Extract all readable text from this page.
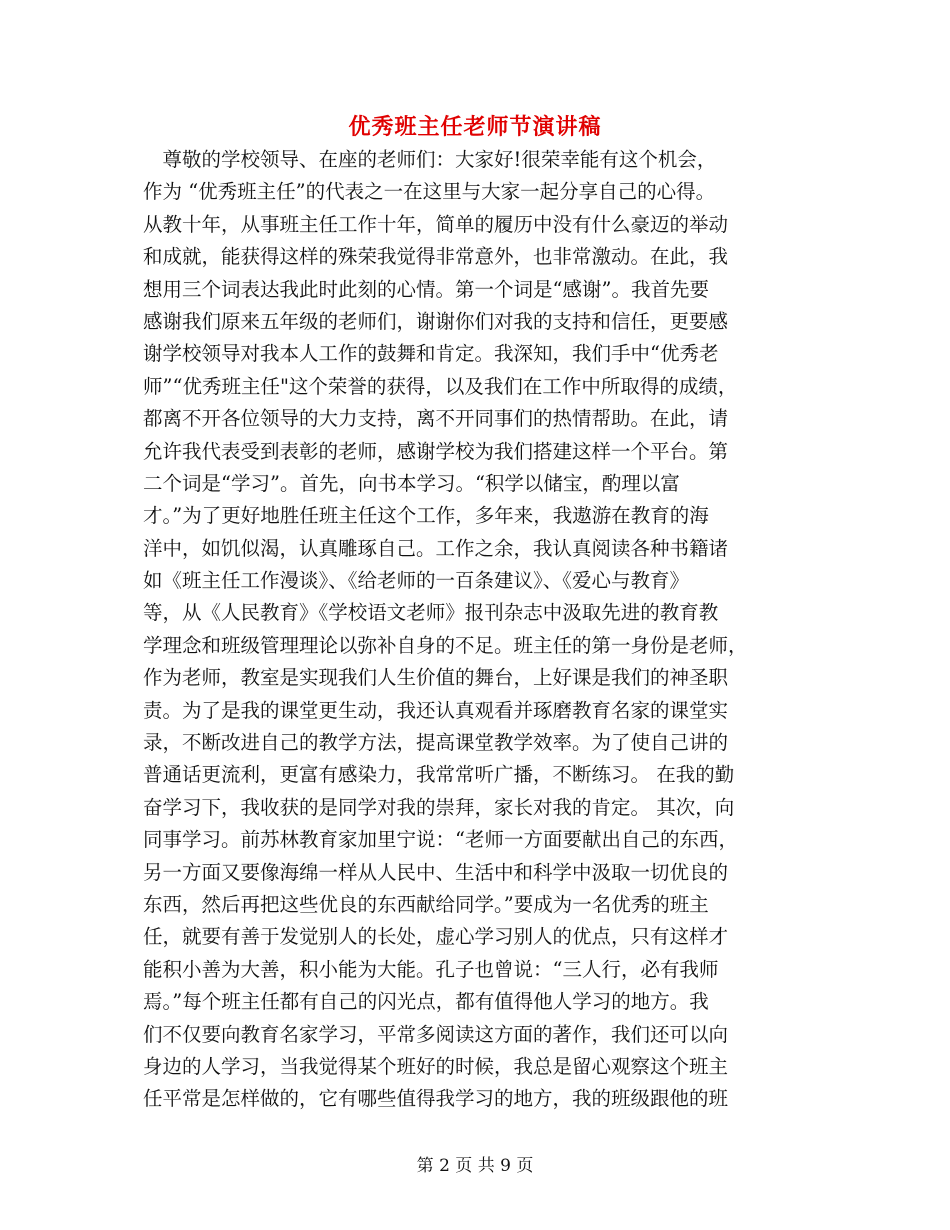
优秀班主任老师节演讲稿
　尊敬的学校领导、在座的老师们：大家好!很荣幸能有这个机会，
作为 “优秀班主任”的代表之一在这里与大家一起分享自己的心得。
从教十年，从事班主任工作十年，简单的履历中没有什么豪迈的举动
和成就，能获得这样的殊荣我觉得非常意外，也非常激动。在此，我
想用三个词表达我此时此刻的心情。第一个词是“感谢”。我首先要
感谢我们原来五年级的老师们，谢谢你们对我的支持和信任，更要感
谢学校领导对我本人工作的鼓舞和肯定。我深知，我们手中“优秀老
师”“优秀班主任"这个荣誉的获得，以及我们在工作中所取得的成绩，
都离不开各位领导的大力支持，离不开同事们的热情帮助。在此，请
允许我代表受到表彰的老师，感谢学校为我们搭建这样一个平台。第
二个词是“学习”。首先，向书本学习。“积学以储宝，酌理以富
才。”为了更好地胜任班主任这个工作，多年来，我遨游在教育的海
洋中，如饥似渴，认真雕琢自己。工作之余，我认真阅读各种书籍诸
如《班主任工作漫谈》、《给老师的一百条建议》、《爱心与教育》
等，从《人民教育》《学校语文老师》报刊杂志中汲取先进的教育教
学理念和班级管理理论以弥补自身的不足。班主任的第一身份是老师，
作为老师，教室是实现我们人生价值的舞台，上好课是我们的神圣职
责。为了是我的课堂更生动，我还认真观看并琢磨教育名家的课堂实
录，不断改进自己的教学方法，提高课堂教学效率。为了使自己讲的
普通话更流利，更富有感染力，我常常听广播，不断练习。 在我的勤
奋学习下，我收获的是同学对我的崇拜，家长对我的肯定。 其次，向
同事学习。前苏林教育家加里宁说：“老师一方面要献出自己的东西，
另一方面又要像海绵一样从人民中、生活中和科学中汲取一切优良的
东西，然后再把这些优良的东西献给同学。”要成为一名优秀的班主
任，就要有善于发觉别人的长处，虚心学习别人的优点，只有这样才
能积小善为大善，积小能为大能。孔子也曾说：“三人行，必有我师
焉。”每个班主任都有自己的闪光点，都有值得他人学习的地方。我
们不仅要向教育名家学习，平常多阅读这方面的著作，我们还可以向
身边的人学习，当我觉得某个班好的时候，我总是留心观察这个班主
任平常是怎样做的，它有哪些值得我学习的地方，我的班级跟他的班
第 2 页 共 9 页
